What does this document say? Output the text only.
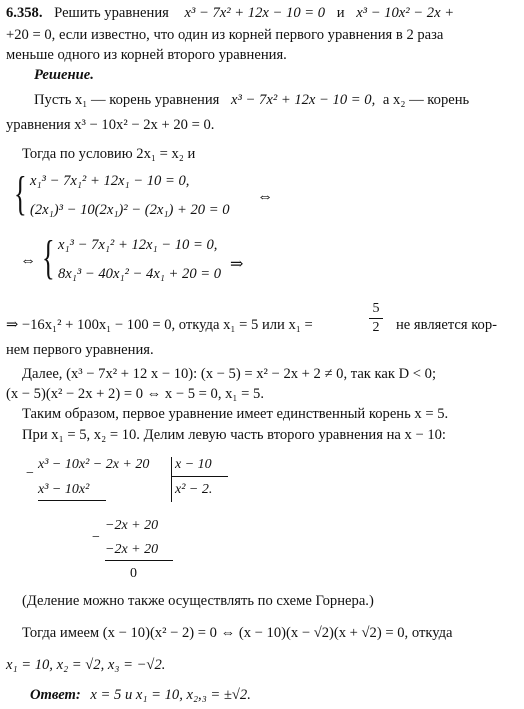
6.358. Решить уравнения x³ − 7x² + 12x − 10 = 0 и x³ − 10x² − 2x +
+20 = 0, если известно, что один из корней первого уравнения в 2 раза
меньше одного из корней второго уравнения.
Решение.
Пусть x₁ — корень уравнения x³ − 7x² + 12x − 10 = 0, а x₂ — корень
уравнения x³ − 10x² − 2x + 20 = 0.
Тогда по условию 2x₁ = x₂ и
{ x₁³ − 7x₁² + 12x₁ − 10 = 0,
(2x₁)³ − 10(2x₁)² − (2x₁) + 20 = 0
⇔
⇔ { x₁³ − 7x₁² + 12x₁ − 10 = 0,
8x₁³ − 40x₁² − 4x₁ + 20 = 0
⇒
⇒ −16x₁² + 100x₁ − 100 = 0, откуда x₁ = 5 или x₁ =
5
2 не является кор-
нем первого уравнения.
Далее, (x³ − 7x² + 12 x − 10): (x − 5) = x² − 2x + 2 ≠ 0, так как D < 0;
(x − 5)(x² − 2x + 2) = 0 ⇔ x − 5 = 0, x₁ = 5.
Таким образом, первое уравнение имеет единственный корень x = 5.
При x₁ = 5, x₂ = 10. Делим левую часть второго уравнения на x − 10:
−
x³ − 10x² − 2x + 20 x − 10
x³ − 10x²	x² − 2.
−2x + 20
−
−2x + 20
0
(Деление можно также осуществлять по схеме Горнера.)
Тогда имеем (x − 10)(x² − 2) = 0 ⇔ (x − 10)(x − √2)(x + √2) = 0, откуда
x₁ = 10, x₂ = √2, x₃ = −√2.
Ответ: x = 5 и x₁ = 10, x₂,₃ = ±√2.
